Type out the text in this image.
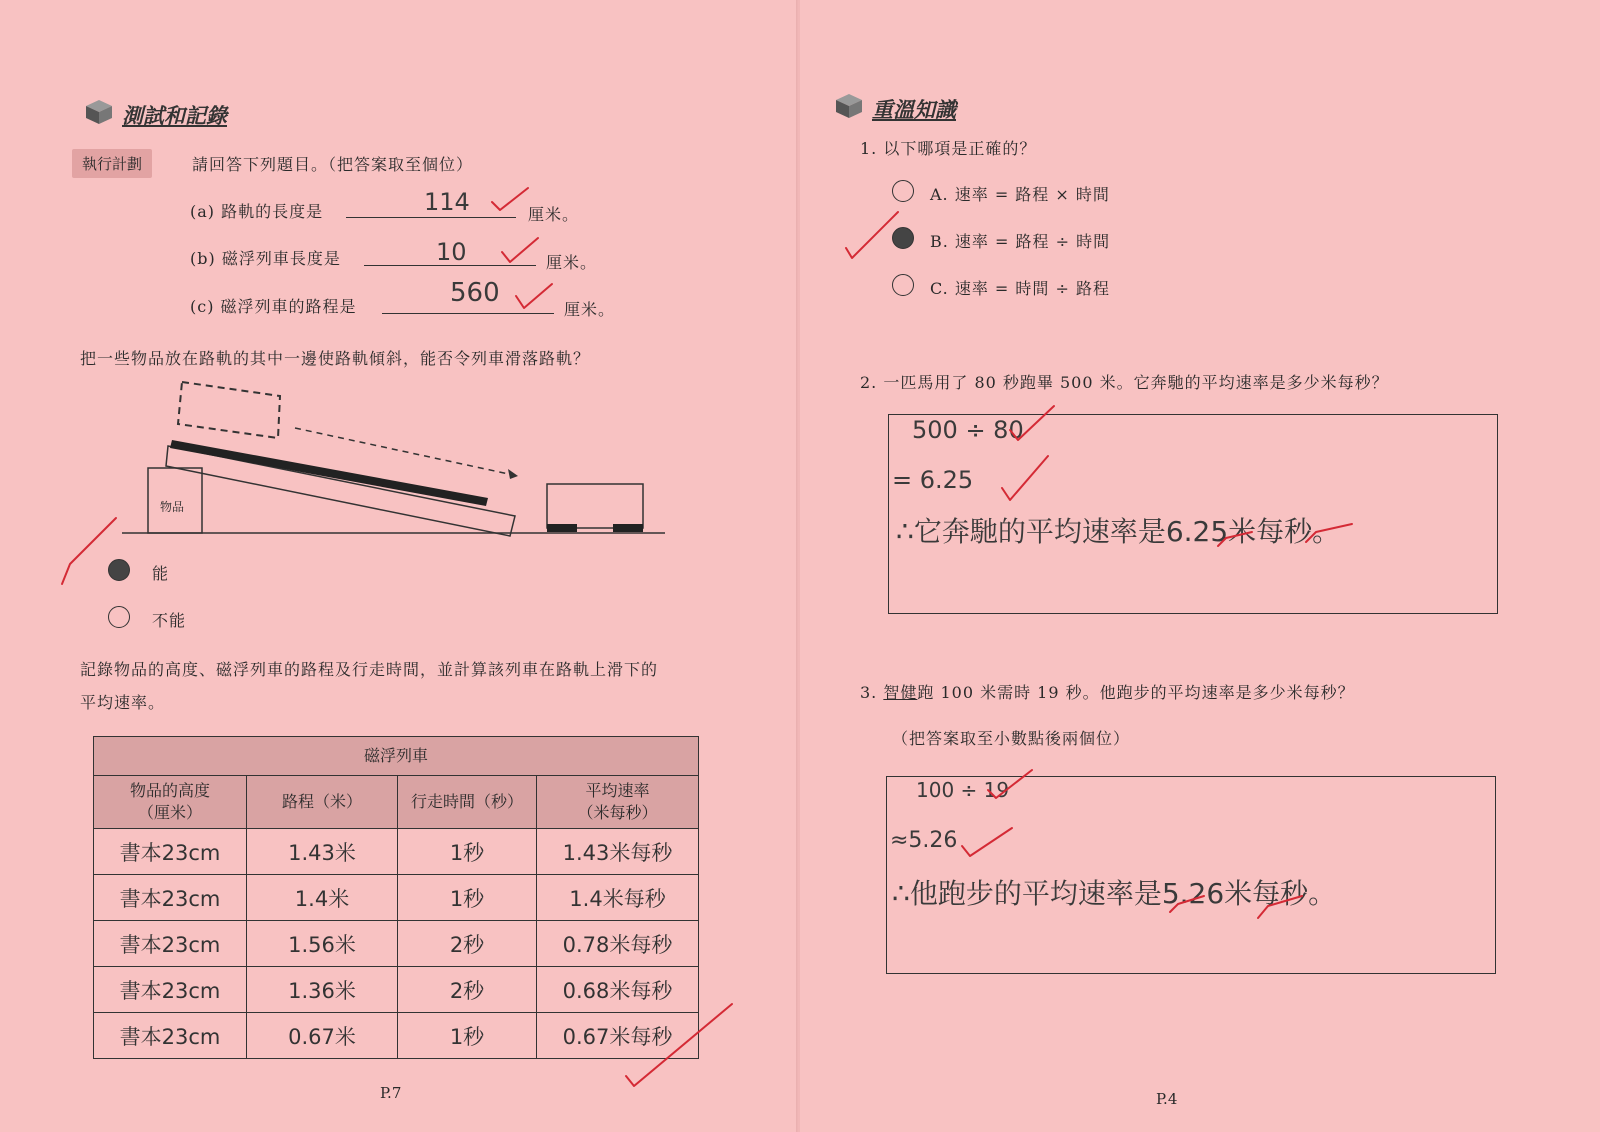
測試和記錄
執行計劃	請回答下列題目。（把答案取至個位）
(a) 路軌的長度是	114	厘米。
(b) 磁浮列車長度是	10	厘米。
(c) 磁浮列車的路程是	560
厘米。
把一些物品放在路軌的其中一邊使路軌傾斜，能否令列車滑落路軌？
物品
能
不能
記錄物品的高度、磁浮列車的路程及行走時間，並計算該列車在路軌上滑下的
平均速率。
磁浮列車			
物品的高度
（厘米）	路程（米）	行走時間（秒）	平均速率
（米每秒）
書本23cm	1.43米	1秒	1.43米每秒
書本23cm	1.4米	1秒	1.4米每秒
書本23cm	1.56米	2秒	0.78米每秒
書本23cm	1.36米	2秒	0.68米每秒
書本23cm	0.67米	1秒	0.67米每秒
P.7
重溫知識
1. 以下哪項是正確的？
A. 速率 = 路程 × 時間
B. 速率 = 路程 ÷ 時間
C. 速率 = 時間 ÷ 路程
2. 一匹馬用了 80 秒跑畢 500 米。它奔馳的平均速率是多少米每秒？
500 ÷ 80
= 6.25
∴它奔馳的平均速率是6.25米每秒。
3. 智健跑 100 米需時 19 秒。他跑步的平均速率是多少米每秒？
（把答案取至小數點後兩個位）
100 ÷ 19
≈5.26
∴他跑步的平均速率是5.26米每秒。
P.4
